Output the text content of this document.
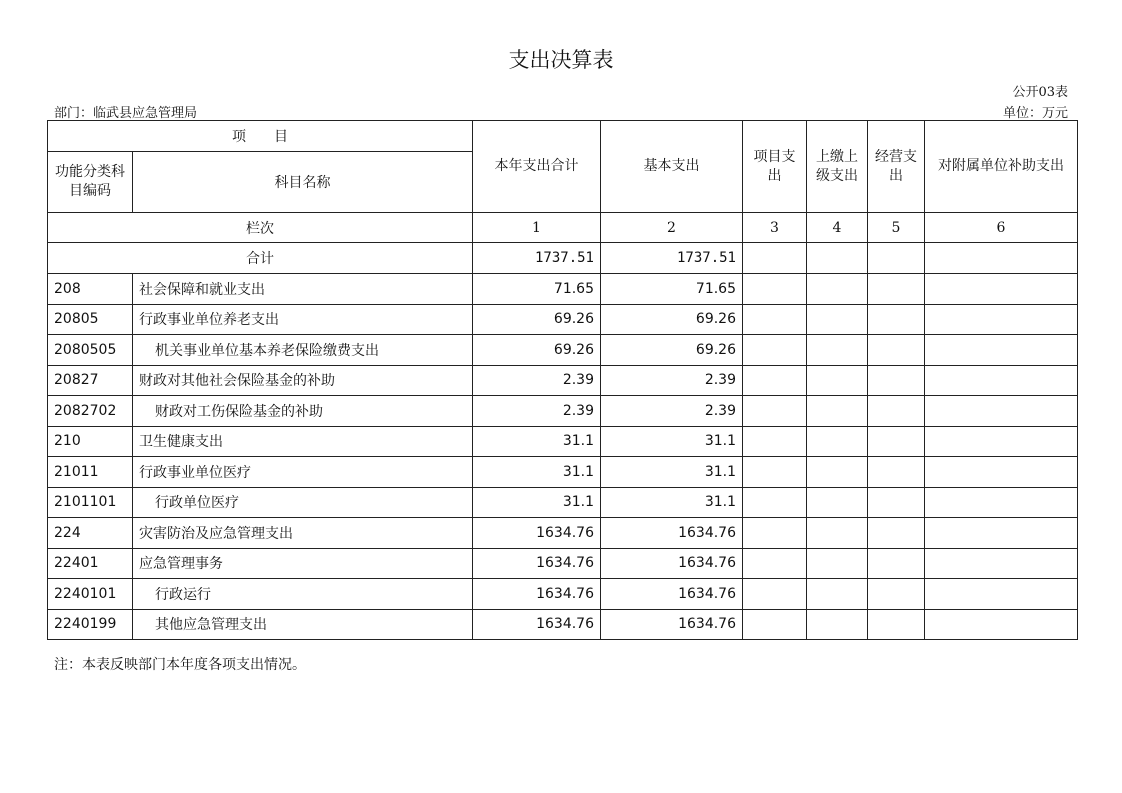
支出决算表
公开03表
部门：临武县应急管理局	单位：万元
项　　目		本年支出合计	基本支出	项目支出	上缴上级支出	经营支出	对附属单位补助支出
功能分类科目编码	科目名称						
栏次		1	2	3	4	5	6
合计		1737.51	1737.51				
208	社会保障和就业支出	71.65	71.65				
20805	行政事业单位养老支出	69.26	69.26				
2080505	机关事业单位基本养老保险缴费支出	69.26	69.26				
20827	财政对其他社会保险基金的补助	2.39	2.39				
2082702	财政对工伤保险基金的补助	2.39	2.39				
210	卫生健康支出	31.1	31.1				
21011	行政事业单位医疗	31.1	31.1				
2101101	行政单位医疗	31.1	31.1				
224	灾害防治及应急管理支出	1634.76	1634.76				
22401	应急管理事务	1634.76	1634.76				
2240101	行政运行	1634.76	1634.76				
2240199	其他应急管理支出	1634.76	1634.76				
注：本表反映部门本年度各项支出情况。
